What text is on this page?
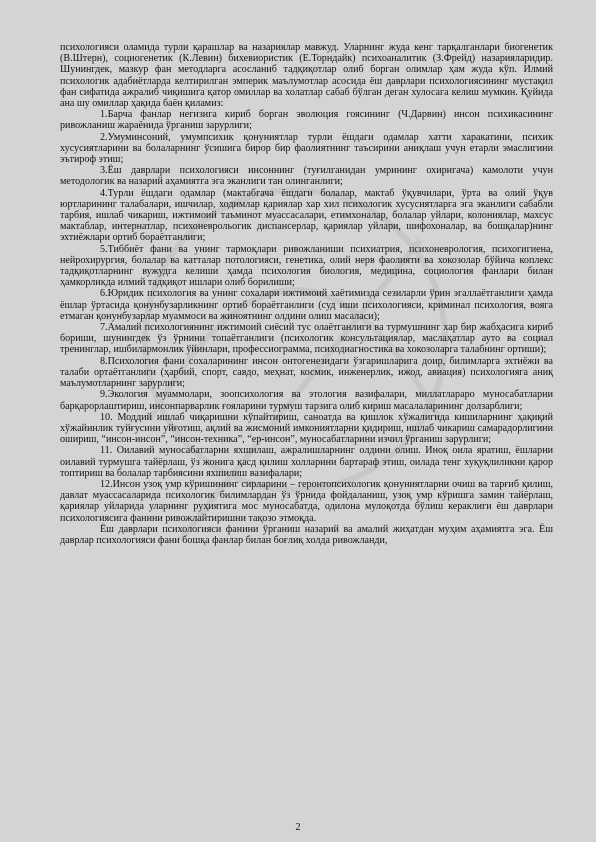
психологияси оламида турли қарашлар ва назариялар мавжуд. Уларнинг жуда кенг тарқалганлари биогенетик (В.Штерн), социогенетик (К.Левин) бихевиористик (Е.Торндайк) психоаналитик (З.Фрейд) назарияларидир. Шунингдек, мазкур фан методларга асосланиб тадқиқотлар олиб борган олимлар ҳам жуда кўп. Илмий психологик адабиётларда келтирилган эмперик маълумотлар асосида ёш даврлари психологиясининг мустақил фан сифатида ажралиб чиқишига қатор омиллар ва холатлар сабаб бўлган деган хулосага келиш мумкин. Қуйида ана шу омиллар ҳақида баён қиламиз:

1.Барча фанлар негизига кириб борган эволюция гоясининг (Ч.Дарвин) инсон психикасининг ривожланиш жараёнида ўрганиш зарурлиги;

2.Умуминсоний, умумпсихик қонуниятлар турли ёшдаги одамлар хатти харакатини, психик хусусиятларини ва болаларнинг ўсишига бирор бир фаолиятнинг таъсирини аниқлаш учун етарли эмаслигини эътироф этиш;

3.Ёш даврлари психологияси инсоннинг (туғилганидан умрининг охиригача) камолоти учун методологик ва назарий аҳамиятга эга эканлиги тан олинганлиги;

4.Турли ёшдаги одамлар (мактабгача ёшдаги болалар, мактаб ўқувчилари, ўрта ва олий ўқув юртларининг талабалари, ишчилар, ходимлар қариялар хар хил психологик хусусиятларга эга эканлиги сабабли тарбия, ишлаб чикариш, ижтимоий таъминот муассасалари, етимхоналар, болалар уйлари, колониялар, махсус мактаблар, интернатлар, психоневрольогик диспансерлар, қариялар уйлари, шифохоналар, ва бошқалар)нинг эхтиёжлари ортиб бораётганлиги;

5.Тиббиёт фани ва унинг тармоқлари ривожланиши психиатрия, психоневрология, психогигиена, нейрохирургия, болалар ва катталар потологияси, генетика, олий нерв фаолияти ва хокозолар бўйича коплекс тадқиқотларнинг вужудга келиши ҳамда психология биология, медицина, социология фанлари билан ҳамкорликда илмий тадқиқот ишлари олиб борилиши;

6.Юридик психология ва унинг сохалари ижтимоий хаётимизда сезиларли ўрин эгаллаётганлиги ҳамда ёшлар ўртасида қонунбузарликнинг ортиб бораётганлиги (суд иши психологияси, криминал психология, вояга етмаган қонунбузарлар муаммоси ва жиноятнинг олдини олиш масаласи);

7.Амалий психологиянинг ижтимоий сиёсий тус олаётганлиги ва турмушнинг хар бир жабҳасига кириб бориши, шунингдек ўз ўрнини топаётганлиги (психологик консультациялар, маслаҳатлар ауто ва социал тренинглар, ишбилармонлик ўйинлари, профессиограмма, психодиагностика ва хокозоларга талабнинг ортиши);

8.Психология фани сохаларининг инсон онтогенезидаги ўзгаришларига доир, билимларга эхтиёжи ва талаби ортаётганлиги (ҳарбий, спорт, савдо, меҳнат, космик, инженерлик, ижод, авиация) психологияга аниқ маълумотларнинг зарурлиги;

9.Экология муаммолари, зоопсихология ва этология вазифалари, миллатлараро муносабатларни барқарорлаштириш, инсонпарварлик ғояларини турмуш тарзига олиб кириш масалаларининг долзарблиги;

10. Моддий ишлаб чиқаришни кўпайтириш, саноатда ва қишлок хўжалигида кишиларнинг ҳақиқий хўжайинлик туйғусини уйғотиш, ақлий ва жисмоний имкониятларни қидириш, ишлаб чикариш самарадорлигини ошириш, “инсон-инсон”, “инсон-техника”, “ер-инсон”, муносабатларини изчил ўрганиш зарурлиги;

11. Оилавий муносабатларни яхшилаш, ажралишларнинг олдини олиш. Иноқ оила яратиш, ёшларни оилавий турмушга тайёрлаш, ўз жонига қасд қилиш холларини бартараф этиш, оилада тенг хуқуқлиликни қарор топтириш ва болалар тарбиясини яхшилиш вазифалари;

12.Инсон узоқ умр кўришининг сирларини – геронтопсихологик қонуниятларни очиш ва тарғиб қилиш, давлат муассасаларида психологик билимлардан ўз ўрнида фойдаланиш, узоқ умр кўришга замин тайёрлаш, қариялар уйларида уларнинг руҳиятига мос муносабатда, одилона мулоқотда бўлиш кераклиги ёш даврлари психологиясига фанини ривожлайтиришни тақозо этмоқда.

Ёш даврлари психологияси фанини ўрганиш назарий ва амалий жиҳатдан муҳим аҳамиятга эга. Ёш даврлар психологияси фани бошқа фанлар билан боғлиқ холда ривожланди,

2
